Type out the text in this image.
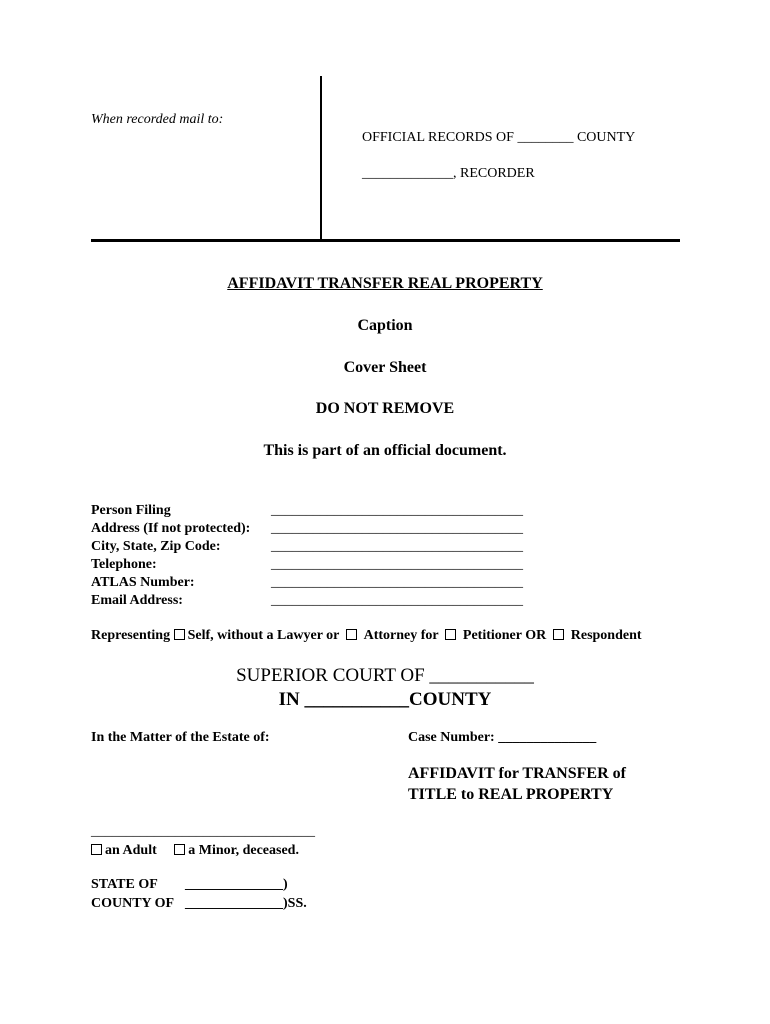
When recorded mail to:
OFFICIAL RECORDS OF ________ COUNTY
_____________, RECORDER
AFFIDAVIT TRANSFER REAL PROPERTY
Caption
Cover Sheet
DO NOT REMOVE
This is part of an official document.
Person Filing	____________________________________
Address (If not protected): ____________________________________
City, State, Zip Code:	____________________________________
Telephone:	____________________________________
ATLAS Number:	____________________________________
Email Address:	____________________________________
Representing Self, without a Lawyer or Attorney for Petitioner OR Respondent
SUPERIOR COURT OF ___________
IN ___________COUNTY
In the Matter of the Estate of:	Case Number: ______________
AFFIDAVIT for TRANSFER of
TITLE to REAL PROPERTY
________________________________
an Adult a Minor, deceased.
STATE OF ______________)
COUNTY OF ______________)SS.
